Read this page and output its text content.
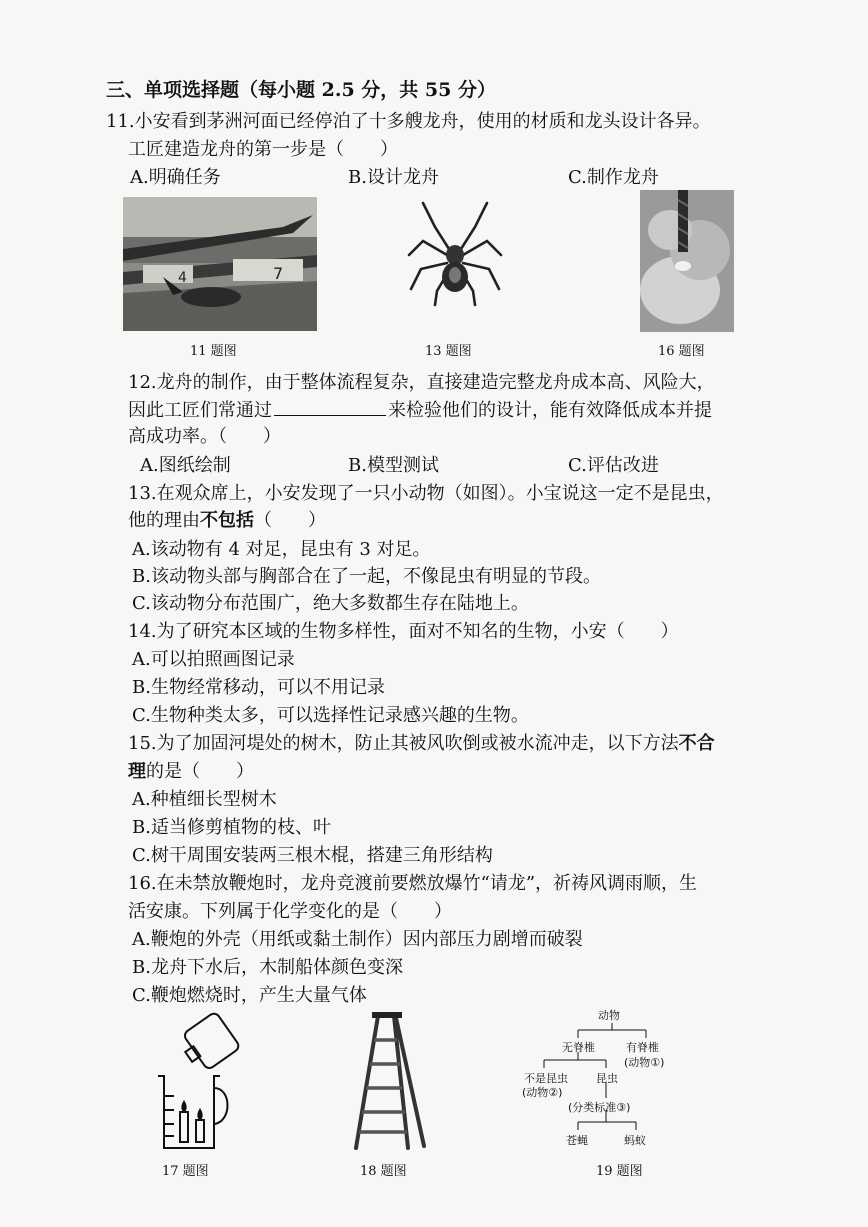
三、单项选择题（每小题 2.5 分，共 55 分）
11.小安看到茅洲河面已经停泊了十多艘龙舟，使用的材质和龙头设计各异。
工匠建造龙舟的第一步是（　　）
A.明确任务	B.设计龙舟	C.制作龙舟
4	7
11 题图	13 题图	16 题图
12.龙舟的制作，由于整体流程复杂，直接建造完整龙舟成本高、风险大，
因此工匠们常通过	来检验他们的设计，能有效降低成本并提
高成功率。（　　）
A.图纸绘制	B.模型测试	C.评估改进
13.在观众席上，小安发现了一只小动物（如图）。小宝说这一定不是昆虫，
他的理由不包括（　　）
A.该动物有 4 对足，昆虫有 3 对足。
B.该动物头部与胸部合在了一起，不像昆虫有明显的节段。
C.该动物分布范围广，绝大多数都生存在陆地上。
14.为了研究本区域的生物多样性，面对不知名的生物，小安（　　）
A.可以拍照画图记录
B.生物经常移动，可以不用记录
C.生物种类太多，可以选择性记录感兴趣的生物。
15.为了加固河堤处的树木，防止其被风吹倒或被水流冲走，以下方法不合
理的是（　　）
A.种植细长型树木
B.适当修剪植物的枝、叶
C.树干周围安装两三根木棍，搭建三角形结构
16.在未禁放鞭炮时，龙舟竞渡前要燃放爆竹“请龙”，祈祷风调雨顺，生
活安康。下列属于化学变化的是（　　）
A.鞭炮的外壳（用纸或黏土制作）因内部压力剧增而破裂
B.龙舟下水后，木制船体颜色变深
C.鞭炮燃烧时，产生大量气体
17 题图	18 题图
动物
无脊椎	有脊椎
(动物①)
不是昆虫
(动物②)
昆虫
(分类标准③)
苍蝇	蚂蚁
19 题图
